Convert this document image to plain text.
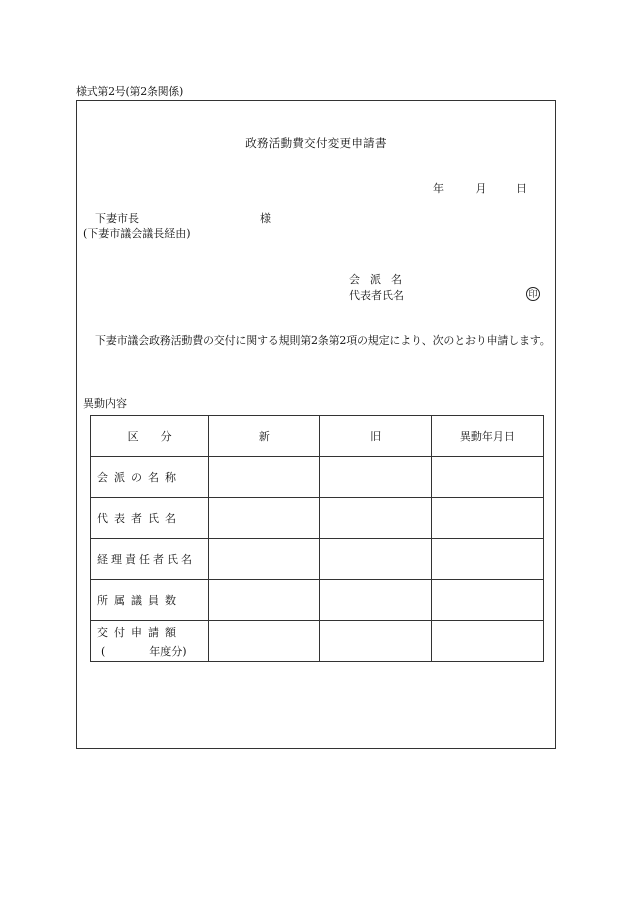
様式第2号(第2条関係)
政務活動費交付変更申請書
年	月	日
下妻市長	様
(下妻市議会議長経由)
会派名
代表者氏名	印
下妻市議会政務活動費の交付に関する規則第2条第2項の規定により、次のとおり申請します。
異動内容
区　　分	新	旧	異動年月日
会派の名称			
代表者氏名			
経理責任者氏名			
所属議員数			
交付申請額
(　　　　年度分)			
